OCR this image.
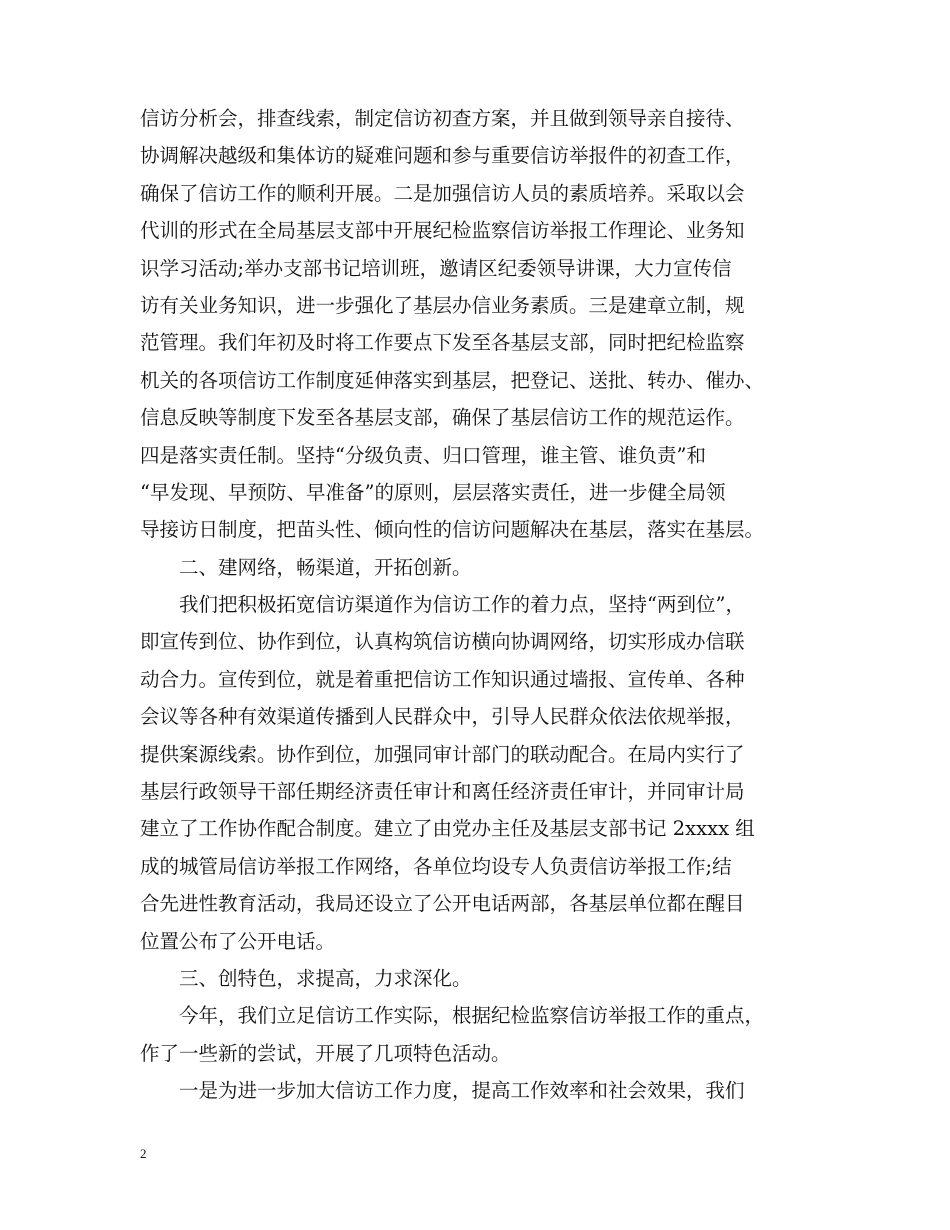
信访分析会，排查线索，制定信访初查方案，并且做到领导亲自接待、
协调解决越级和集体访的疑难问题和参与重要信访举报件的初查工作，
确保了信访工作的顺利开展。二是加强信访人员的素质培养。采取以会
代训的形式在全局基层支部中开展纪检监察信访举报工作理论、业务知
识学习活动;举办支部书记培训班，邀请区纪委领导讲课，大力宣传信
访有关业务知识，进一步强化了基层办信业务素质。三是建章立制，规
范管理。我们年初及时将工作要点下发至各基层支部，同时把纪检监察
机关的各项信访工作制度延伸落实到基层，把登记、送批、转办、催办、
信息反映等制度下发至各基层支部，确保了基层信访工作的规范运作。
四是落实责任制。坚持“分级负责、归口管理，谁主管、谁负责”和
“早发现、早预防、早准备”的原则，层层落实责任，进一步健全局领
导接访日制度，把苗头性、倾向性的信访问题解决在基层，落实在基层。
二、建网络，畅渠道，开拓创新。
我们把积极拓宽信访渠道作为信访工作的着力点，坚持“两到位”，
即宣传到位、协作到位，认真构筑信访横向协调网络，切实形成办信联
动合力。宣传到位，就是着重把信访工作知识通过墙报、宣传单、各种
会议等各种有效渠道传播到人民群众中，引导人民群众依法依规举报，
提供案源线索。协作到位，加强同审计部门的联动配合。在局内实行了
基层行政领导干部任期经济责任审计和离任经济责任审计，并同审计局
建立了工作协作配合制度。建立了由党办主任及基层支部书记 2xxxx 组
成的城管局信访举报工作网络，各单位均设专人负责信访举报工作;结
合先进性教育活动，我局还设立了公开电话两部，各基层单位都在醒目
位置公布了公开电话。
三、创特色，求提高，力求深化。
今年，我们立足信访工作实际，根据纪检监察信访举报工作的重点，
作了一些新的尝试，开展了几项特色活动。
一是为进一步加大信访工作力度，提高工作效率和社会效果，我们
2
